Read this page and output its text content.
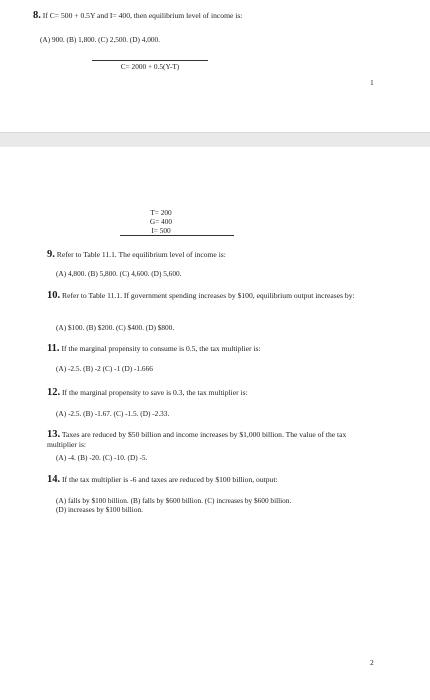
8. If C= 500 + 0.5Y and I= 400, then equilibrium level of income is:
(A) 900. (B) 1,800. (C) 2,500. (D) 4,000.
C= 2000 + 0.5(Y-T)
1
T= 200
G= 400
I= 500
9. Refer to Table 11.1. The equilibrium level of income is:
(A) 4,800. (B) 5,800. (C) 4,600. (D) 5,600.
10. Refer to Table 11.1. If government spending increases by $100, equilibrium output increases by:
(A) $100. (B) $200. (C) $400. (D) $800.
11. If the marginal propensity to consume is 0.5, the tax multiplier is:
(A) -2.5. (B) -2 (C) -1 (D) -1.666
12. If the marginal propensity to save is 0.3, the tax multiplier is:
(A) -2.5. (B) -1.67. (C) -1.5. (D) -2.33.
13. Taxes are reduced by $50 billion and income increases by $1,000 billion. The value of the tax multiplier is:
(A) -4. (B) -20. (C) -10. (D) -5.
14. If the tax multiplier is -6 and taxes are reduced by $100 billion, output:
(A) falls by $100 billion. (B) falls by $600 billion. (C) increases by $600 billion.
(D) increases by $100 billion.
2
